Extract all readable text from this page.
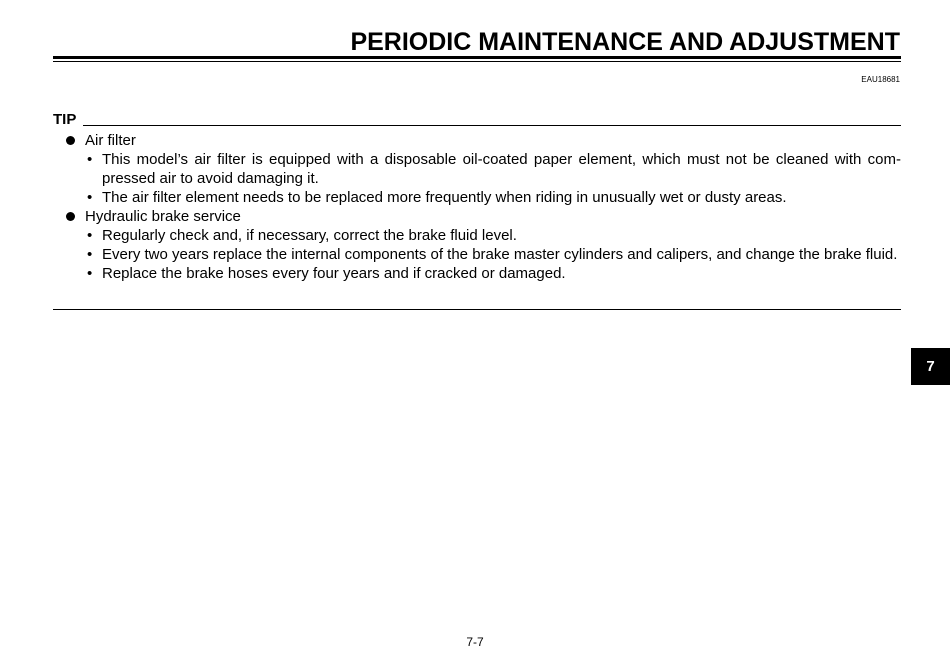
PERIODIC MAINTENANCE AND ADJUSTMENT
EAU18681
TIP
Air filter
• This model’s air filter is equipped with a disposable oil-coated paper element, which must not be cleaned with com-pressed air to avoid damaging it.
• The air filter element needs to be replaced more frequently when riding in unusually wet or dusty areas.
Hydraulic brake service
• Regularly check and, if necessary, correct the brake fluid level.
• Every two years replace the internal components of the brake master cylinders and calipers, and change the brake fluid.
• Replace the brake hoses every four years and if cracked or damaged.
7
7-7
